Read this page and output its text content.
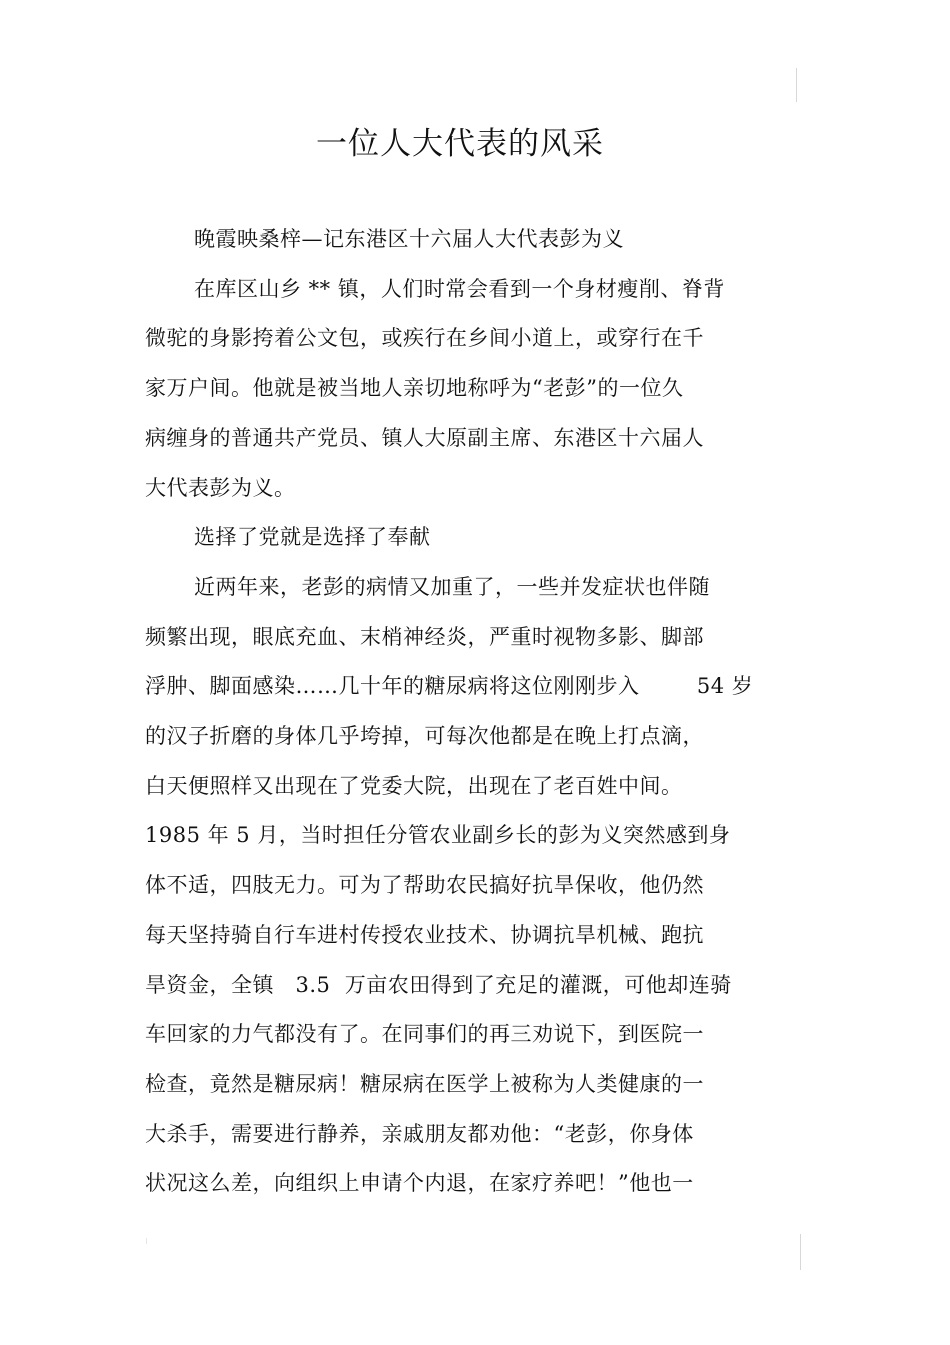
一位人大代表的风采
晚霞映桑梓—记东港区十六届人大代表彭为义
在库区山乡 ** 镇，人们时常会看到一个身材瘦削、脊背
微驼的身影挎着公文包，或疾行在乡间小道上，或穿行在千
家万户间。他就是被当地人亲切地称呼为“老彭”的一位久
病缠身的普通共产党员、镇人大原副主席、东港区十六届人
大代表彭为义。
选择了党就是选择了奉献
近两年来，老彭的病情又加重了，一些并发症状也伴随
频繁出现，眼底充血、末梢神经炎，严重时视物多影、脚部
浮肿、脚面感染……几十年的糖尿病将这位刚刚步入        54 岁
的汉子折磨的身体几乎垮掉，可每次他都是在晚上打点滴，
白天便照样又出现在了党委大院，出现在了老百姓中间。
1985 年 5 月，当时担任分管农业副乡长的彭为义突然感到身
体不适，四肢无力。可为了帮助农民搞好抗旱保收，他仍然
每天坚持骑自行车进村传授农业技术、协调抗旱机械、跑抗
旱资金，全镇   3.5  万亩农田得到了充足的灌溉，可他却连骑
车回家的力气都没有了。在同事们的再三劝说下，到医院一
检查，竟然是糖尿病！糖尿病在医学上被称为人类健康的一
大杀手，需要进行静养，亲戚朋友都劝他：“老彭，你身体
状况这么差，向组织上申请个内退，在家疗养吧！”他也一
